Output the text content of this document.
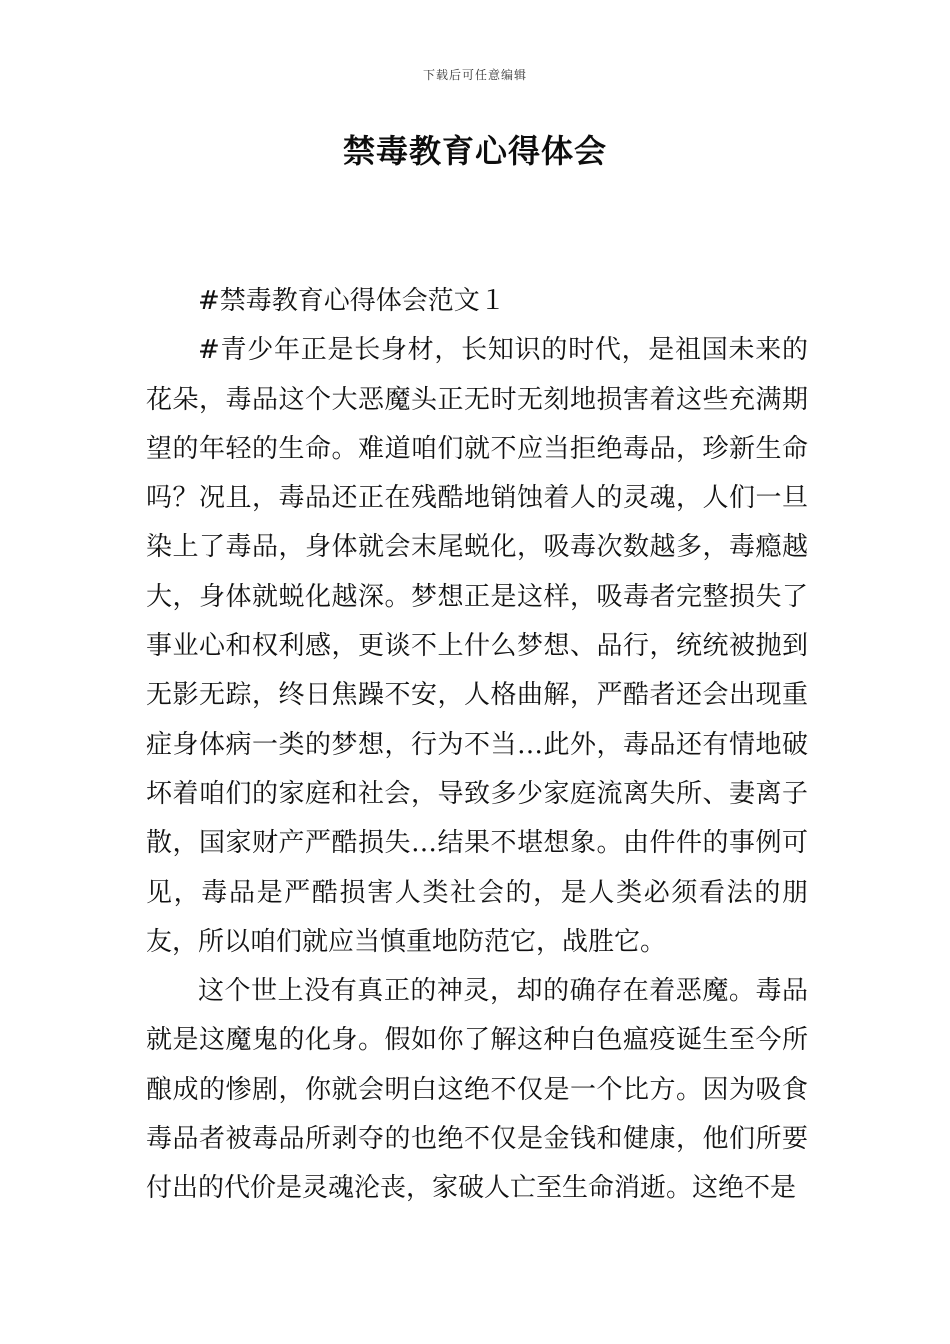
下载后可任意编辑
禁毒教育心得体会

#禁毒教育心得体会范文１

#青少年正是长身材，长知识的时代，是祖国未来的花朵，毒品这个大恶魔头正无时无刻地损害着这些充满期望的年轻的生命。难道咱们就不应当拒绝毒品，珍新生命吗？况且，毒品还正在残酷地销蚀着人的灵魂，人们一旦染上了毒品，身体就会末尾蜕化，吸毒次数越多，毒瘾越大，身体就蜕化越深。梦想正是这样，吸毒者完整损失了事业心和权利感，更谈不上什么梦想、品行，统统被抛到无影无踪，终日焦躁不安，人格曲解，严酷者还会出现重症身体病一类的梦想，行为不当…此外，毒品还有情地破坏着咱们的家庭和社会，导致多少家庭流离失所、妻离子散，国家财产严酷损失…结果不堪想象。由件件的事例可见，毒品是严酷损害人类社会的，是人类必须看法的朋友，所以咱们就应当慎重地防范它，战胜它。

这个世上没有真正的神灵，却的确存在着恶魔。毒品就是这魔鬼的化身。假如你了解这种白色瘟疫诞生至今所酿成的惨剧，你就会明白这绝不仅是一个比方。因为吸食毒品者被毒品所剥夺的也绝不仅是金钱和健康，他们所要付出的代价是灵魂沦丧，家破人亡至生命消逝。这绝不是
